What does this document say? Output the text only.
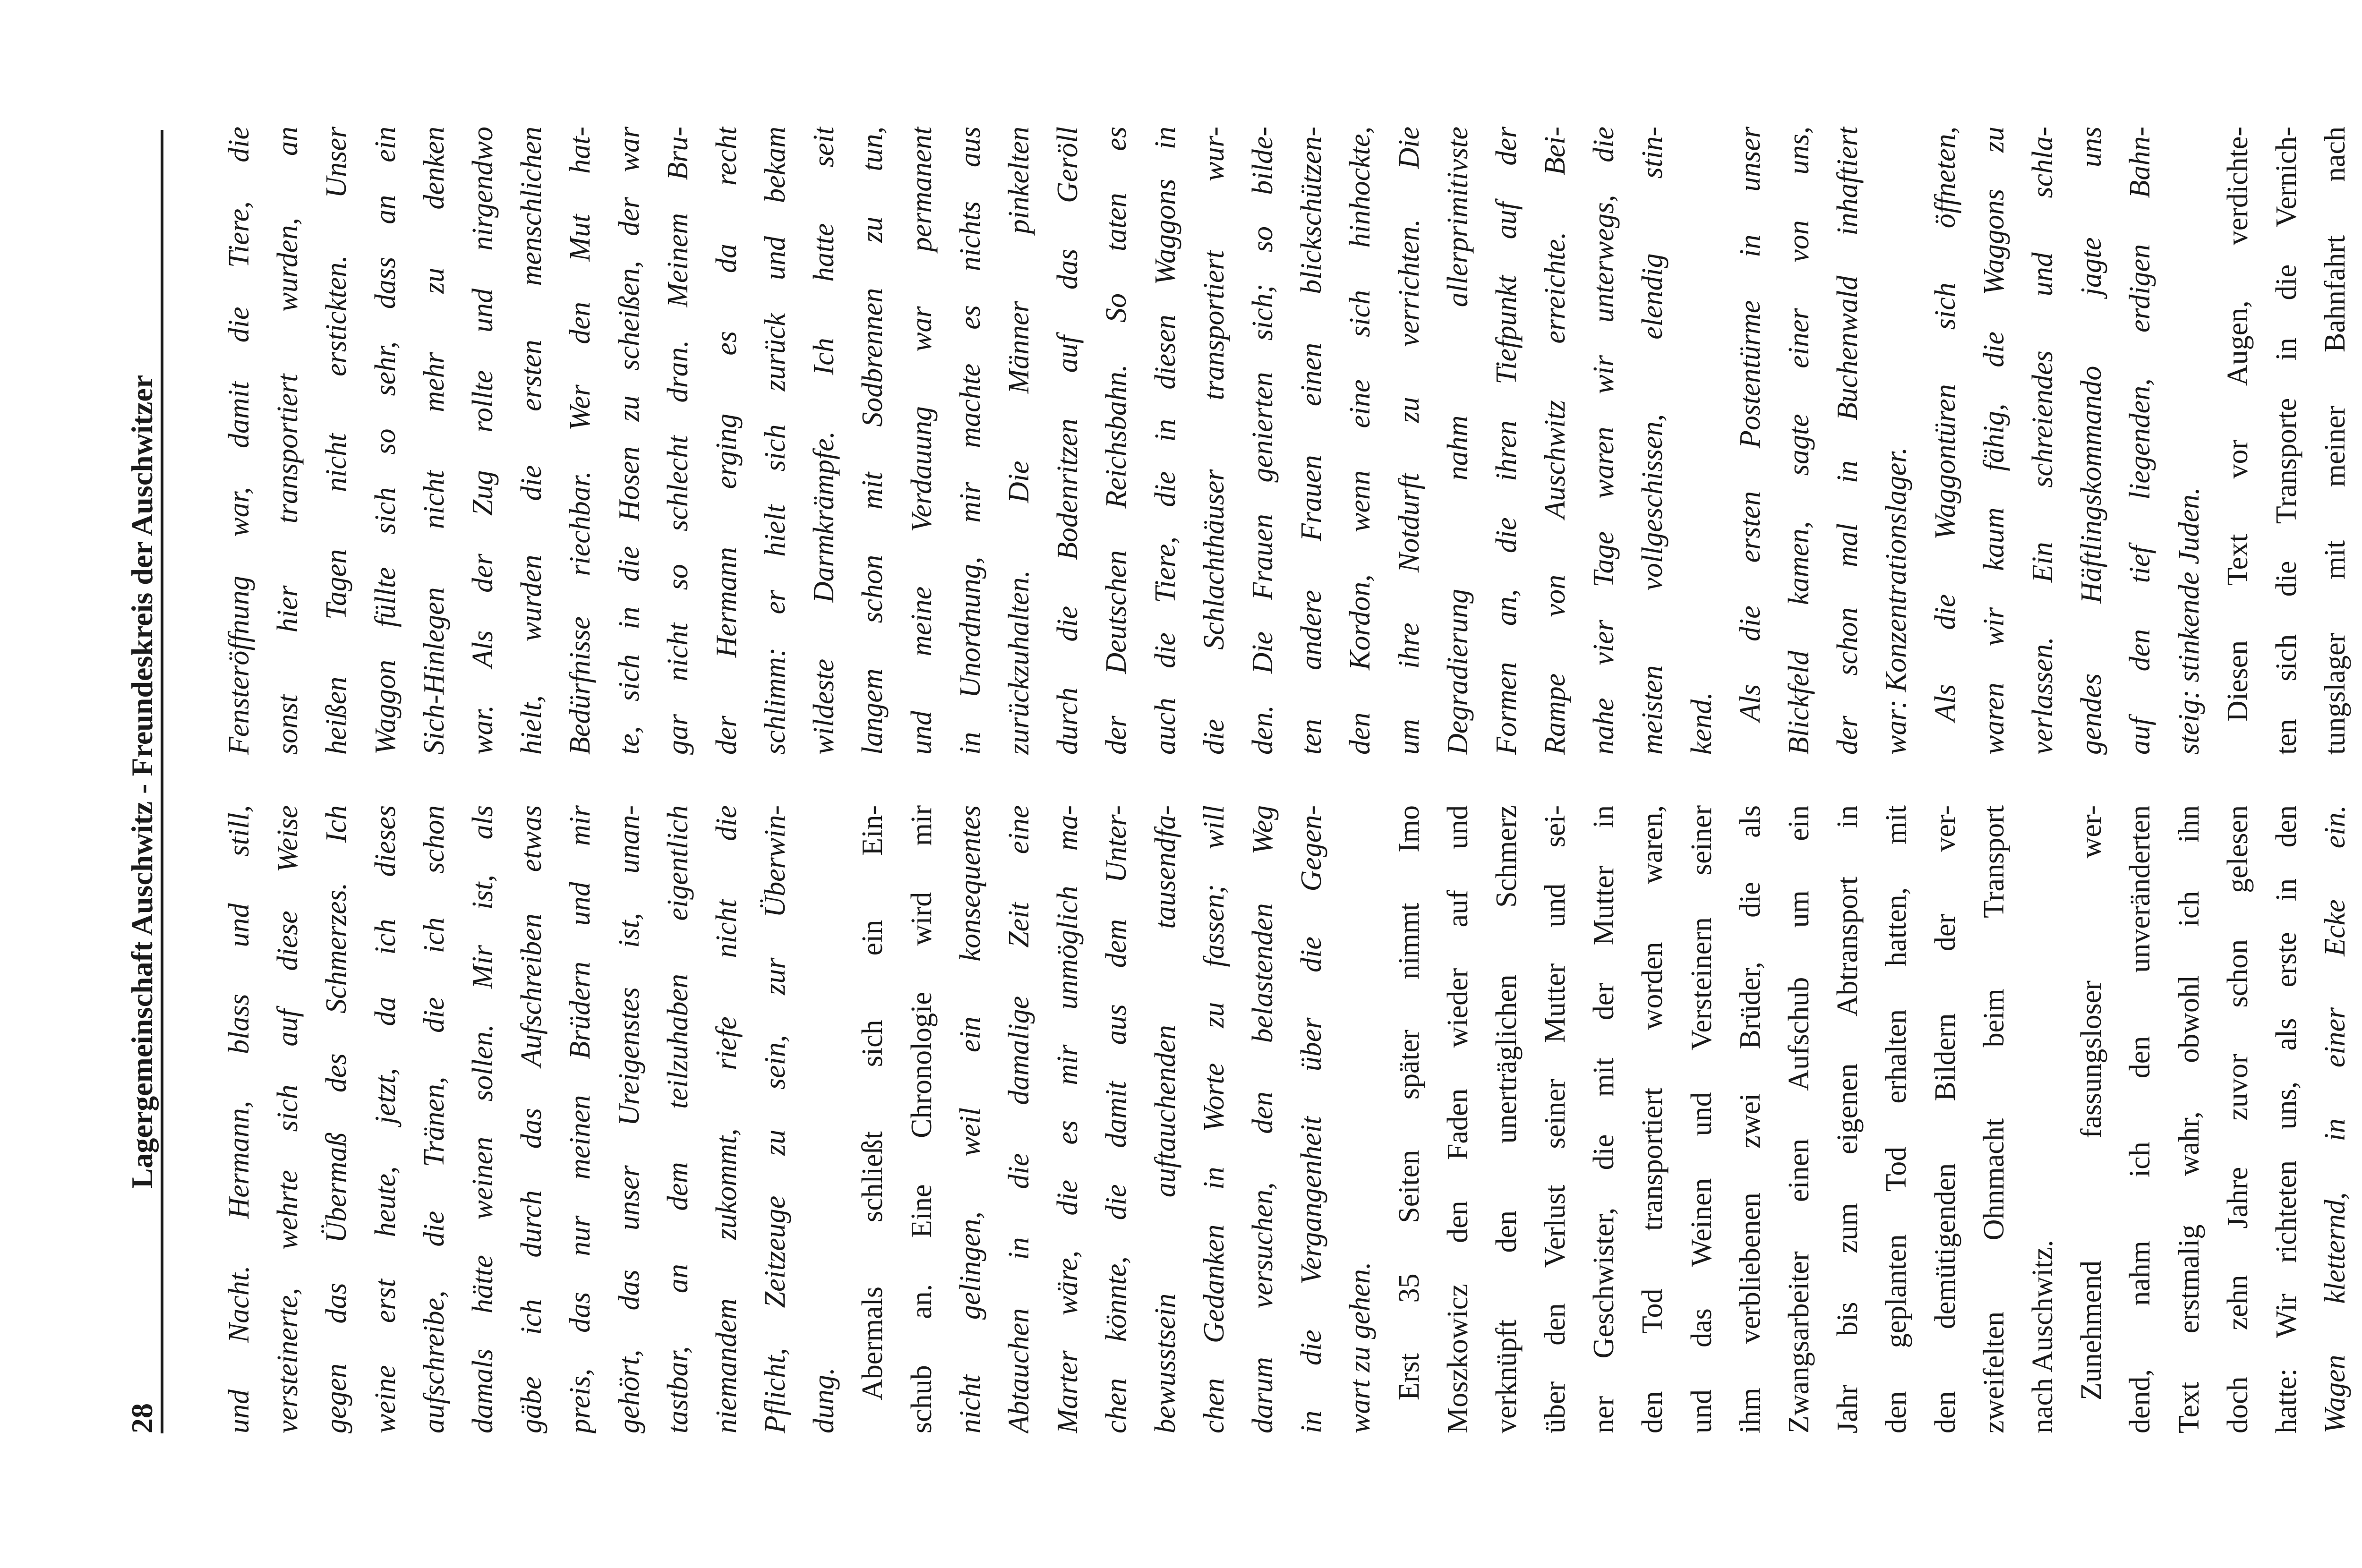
28
Lagergemeinschaft Auschwitz - Freundeskreis der Auschwitzer und Nacht. Hermann, blass und still, versteinerte, wehrte sich auf diese Weise gegen das Übermaß des Schmerzes. Ich weine erst heute, jetzt, da ich dieses aufschreibe, die Tränen, die ich schon damals hätte weinen sollen. Mir ist, als gäbe ich durch das Aufschreiben etwas preis, das nur meinen Brüdern und mir gehört, das unser Ureigenstes ist, unan- tastbar, an dem teilzuhaben eigentlich niemandem zukommt, riefe nicht die Pflicht, Zeitzeuge zu sein, zur Überwin- dung.
Abermals schließt sich ein Ein- schub an. Eine Chronologie wird mir nicht gelingen, weil ein konsequentes Abtauchen in die damalige Zeit eine Marter wäre, die es mir unmöglich ma- chen könnte, die damit aus dem Unter- bewusstsein auftauchenden tausendfa- chen Gedanken in Worte zu fassen; will darum versuchen, den belastenden Weg in die Vergangenheit über die Gegen- wart zu gehen. Erst 35 Seiten später nimmt Imo Moszkowicz den Faden wieder auf und verknüpft den unerträglichen Schmerz über den Verlust seiner Mutter und sei- ner Geschwister, die mit der Mutter in den Tod transportiert worden waren, und das Weinen und Versteinern seiner ihm verbliebenen zwei Brüder, die als Zwangsarbeiter einen Aufschub um ein Jahr bis zum eigenen Abtransport in den geplanten Tod erhalten hatten, mit den demütigenden Bildern der ver- zweifelten Ohnmacht beim Transport nach Auschwitz. Zunehmend fassungsloser wer- dend, nahm ich den unveränderten Text erstmalig wahr, obwohl ich ihn doch zehn Jahre zuvor schon gelesen hatte: Wir richteten uns, als erste in den Wagen kletternd, in einer Ecke ein.
Fensteröffnung war, damit die Tiere, die sonst hier transportiert wurden, an heißen Tagen nicht erstickten. Unser Waggon füllte sich so sehr, dass an ein Sich-Hinlegen nicht mehr zu denken war. Als der Zug rollte und nirgendwo hielt, wurden die ersten menschlichen Bedürfnisse riechbar. Wer den Mut hat- te, sich in die Hosen zu scheißen, der war gar nicht so schlecht dran. Meinem Bru- der Hermann erging es da recht schlimm: er hielt sich zurück und bekam wildeste Darmkrämpfe. Ich hatte seit langem schon mit Sodbrennen zu tun, und meine Verdauung war permanent in Unordnung, mir machte es nichts aus zurückzuhalten. Die Männer pinkelten durch die Bodenritzen auf das Geröll der Deutschen Reichsbahn. So taten es auch die Tiere, die in diesen Waggons in die Schlachthäuser transportiert wur- den. Die Frauen genierten sich; so bilde- ten andere Frauen einen blickschützen- den Kordon, wenn eine sich hinhockte, um ihre Notdurft zu verrichten. Die Degradierung nahm allerprimitivste Formen an, die ihren Tiefpunkt auf der Rampe von Auschwitz erreichte. Bei- nahe vier Tage waren wir unterwegs, die meisten vollgeschissen, elendig stin- kend.
Als die ersten Postentürme in unser Blickfeld kamen, sagte einer von uns, der schon mal in Buchenwald inhaftiert war: Konzentrationslager. Als die Waggontüren sich öffneten, waren wir kaum fähig, die Waggons zu verlassen. Ein schreiendes und schla- gendes Häftlingskommando jagte uns auf den tief liegenden, erdigen Bahn- steig: stinkende Juden. Diesen Text vor Augen, verdichte- ten sich die Transporte in die Vernich- tungslager mit meiner Bahnfahrt nach
